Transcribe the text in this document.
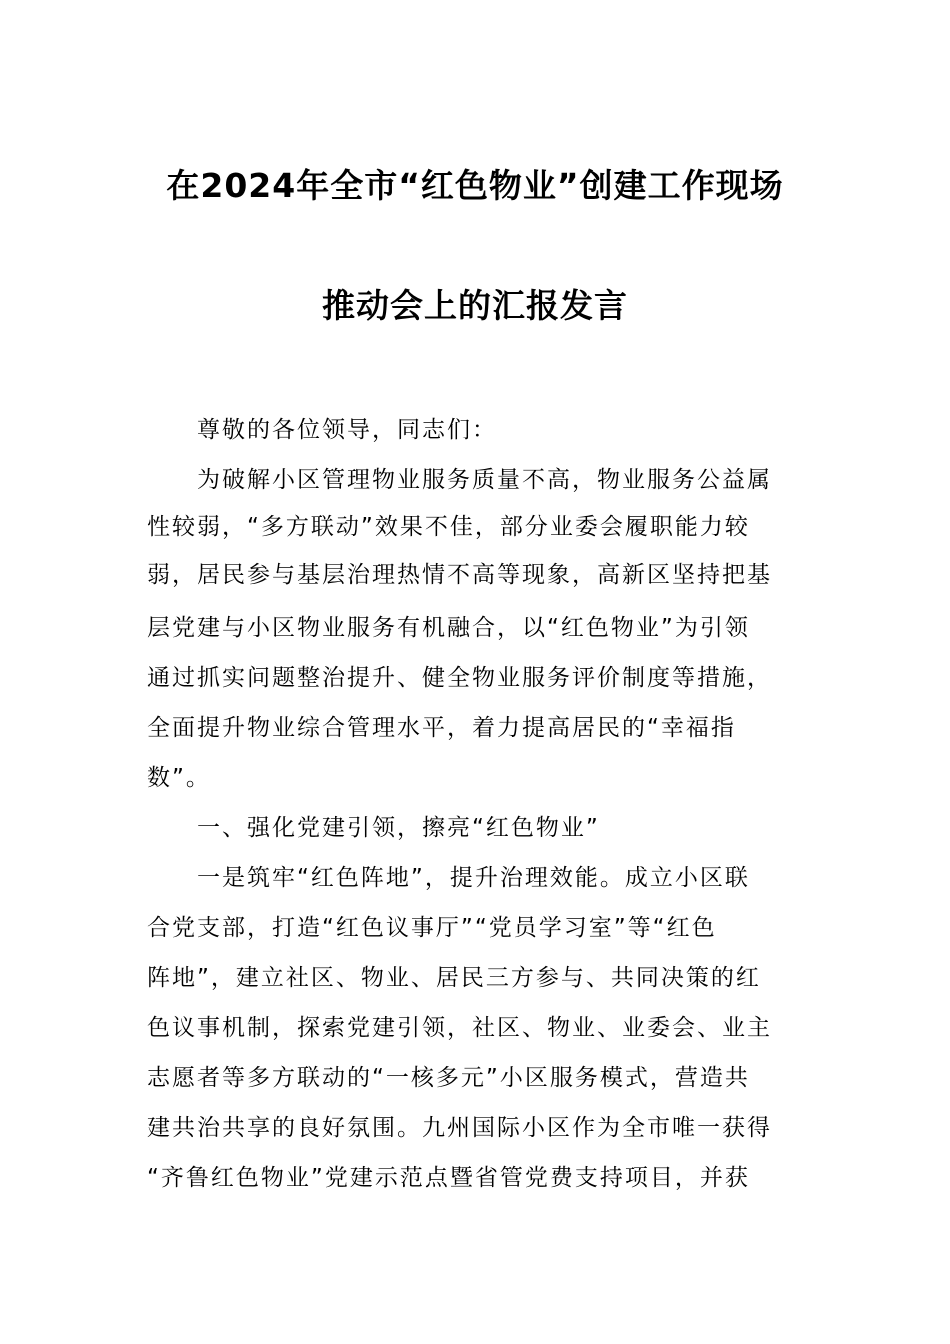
在2024年全市“红色物业”创建工作现场
推动会上的汇报发言
　　尊敬的各位领导，同志们：
　　为破解小区管理物业服务质量不高，物业服务公益属
性较弱，“多方联动”效果不佳，部分业委会履职能力较
弱，居民参与基层治理热情不高等现象，高新区坚持把基
层党建与小区物业服务有机融合，以“红色物业”为引领
通过抓实问题整治提升、健全物业服务评价制度等措施，
全面提升物业综合管理水平，着力提高居民的“幸福指
数”。
　　一、强化党建引领，擦亮“红色物业”
　　一是筑牢“红色阵地”，提升治理效能。成立小区联
合党支部，打造“红色议事厅”“党员学习室”等“红色
阵地”，建立社区、物业、居民三方参与、共同决策的红
色议事机制，探索党建引领，社区、物业、业委会、业主
志愿者等多方联动的“一核多元”小区服务模式，营造共
建共治共享的良好氛围。九州国际小区作为全市唯一获得
“齐鲁红色物业”党建示范点暨省管党费支持项目，并获
